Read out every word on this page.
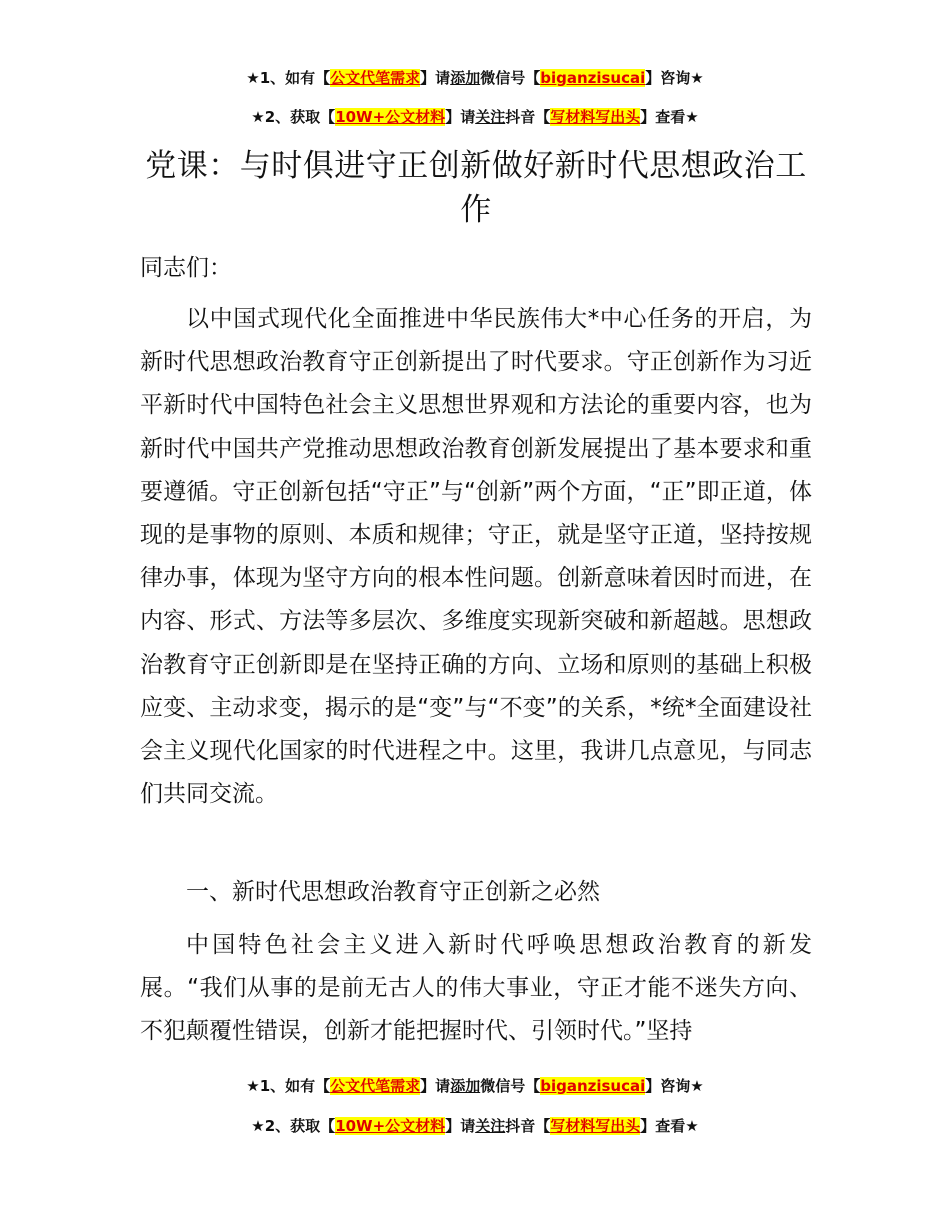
★1、如有【公文代笔需求】请添加微信号【biganzisucai】咨询★
★2、获取【10W+公文材料】请关注抖音【写材料写出头】查看★
党课：与时俱进守正创新做好新时代思想政治工作
同志们：

以中国式现代化全面推进中华民族伟大*中心任务的开启，为新时代思想政治教育守正创新提出了时代要求。守正创新作为习近平新时代中国特色社会主义思想世界观和方法论的重要内容，也为新时代中国共产党推动思想政治教育创新发展提出了基本要求和重要遵循。守正创新包括“守正”与“创新”两个方面，“正”即正道，体现的是事物的原则、本质和规律；守正，就是坚守正道，坚持按规律办事，体现为坚守方向的根本性问题。创新意味着因时而进，在内容、形式、方法等多层次、多维度实现新突破和新超越。思想政治教育守正创新即是在坚持正确的方向、立场和原则的基础上积极应变、主动求变，揭示的是“变”与“不变”的关系，*统*全面建设社会主义现代化国家的时代进程之中。这里，我讲几点意见，与同志们共同交流。

一、新时代思想政治教育守正创新之必然

中国特色社会主义进入新时代呼唤思想政治教育的新发展。“我们从事的是前无古人的伟大事业，守正才能不迷失方向、不犯颠覆性错误，创新才能把握时代、引领时代。”坚持

★1、如有【公文代笔需求】请添加微信号【biganzisucai】咨询★
★2、获取【10W+公文材料】请关注抖音【写材料写出头】查看★
